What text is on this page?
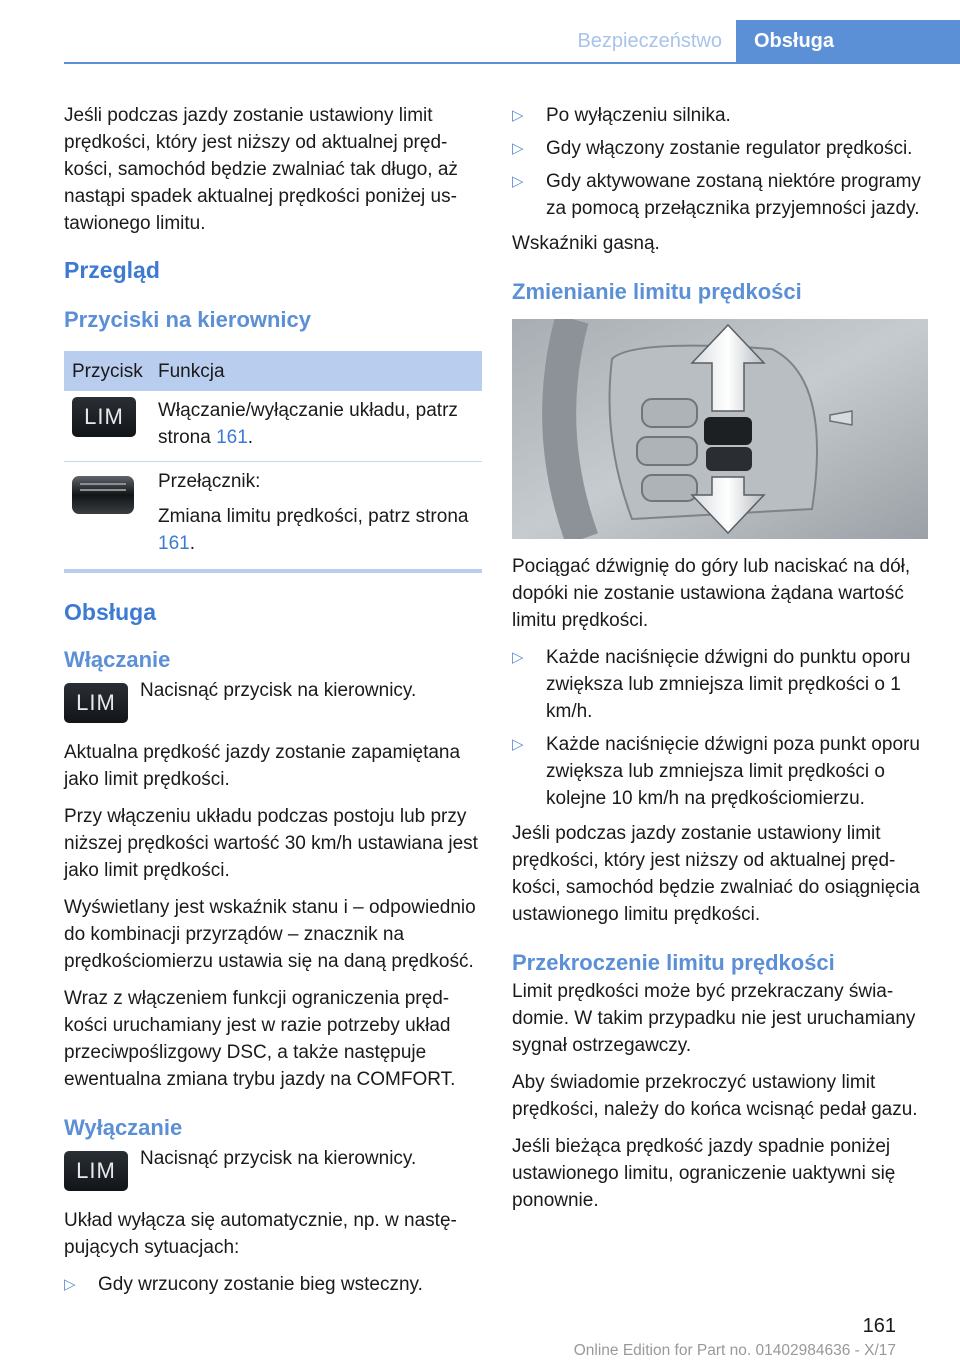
Bezpieczeństwo	Obsługa

Jeśli podczas jazdy zostanie ustawiony limit prędkości, który jest niższy od aktualnej prędkości, samochód będzie zwalniać tak długo, aż nastąpi spadek aktualnej prędkości poniżej ustawionego limitu.

Przegląd
Przyciski na kierownicy
Przycisk	Funkcja
LIM	Włączanie/wyłączanie układu, patrz strona 161.

	Przełącznik:

Zmiana limitu prędkości, patrz strona 161.

Obsługa
Włączanie
LIM	Nacisnąć przycisk na kierownicy.

Aktualna prędkość jazdy zostanie zapamiętana jako limit prędkości.

Przy włączeniu układu podczas postoju lub przy niższej prędkości wartość 30 km/h ustawiana jest jako limit prędkości.

Wyświetlany jest wskaźnik stanu i – odpowiednio do kombinacji przyrządów – znacznik na prędkościomierzu ustawia się na daną prędkość.

Wraz z włączeniem funkcji ograniczenia prędkości uruchamiany jest w razie potrzeby układ przeciwpoślizgowy DSC, a także następuje ewentualna zmiana trybu jazdy na COMFORT.

Wyłączanie
LIM	Nacisnąć przycisk na kierownicy.

Układ wyłącza się automatycznie, np. w następujących sytuacjach:

▷ Gdy wrzucony zostanie bieg wsteczny.
▷ Po wyłączeniu silnika.
▷ Gdy włączony zostanie regulator prędkości.
▷ Gdy aktywowane zostaną niektóre programy za pomocą przełącznika przyjemności jazdy.

Wskaźniki gasną.

Zmienianie limitu prędkości

Pociągać dźwignię do góry lub naciskać na dół, dopóki nie zostanie ustawiona żądana wartość limitu prędkości.

▷ Każde naciśnięcie dźwigni do punktu oporu zwiększa lub zmniejsza limit prędkości o 1 km/h.
▷ Każde naciśnięcie dźwigni poza punkt oporu zwiększa lub zmniejsza limit prędkości o kolejne 10 km/h na prędkościomierzu.

Jeśli podczas jazdy zostanie ustawiony limit prędkości, który jest niższy od aktualnej prędkości, samochód będzie zwalniać do osiągnięcia ustawionego limitu prędkości.

Przekroczenie limitu prędkości

Limit prędkości może być przekraczany świadomie. W takim przypadku nie jest uruchamiany sygnał ostrzegawczy.

Aby świadomie przekroczyć ustawiony limit prędkości, należy do końca wcisnąć pedał gazu.

Jeśli bieżąca prędkość jazdy spadnie poniżej ustawionego limitu, ograniczenie uaktywni się ponownie.

161
Online Edition for Part no. 01402984636 - X/17
